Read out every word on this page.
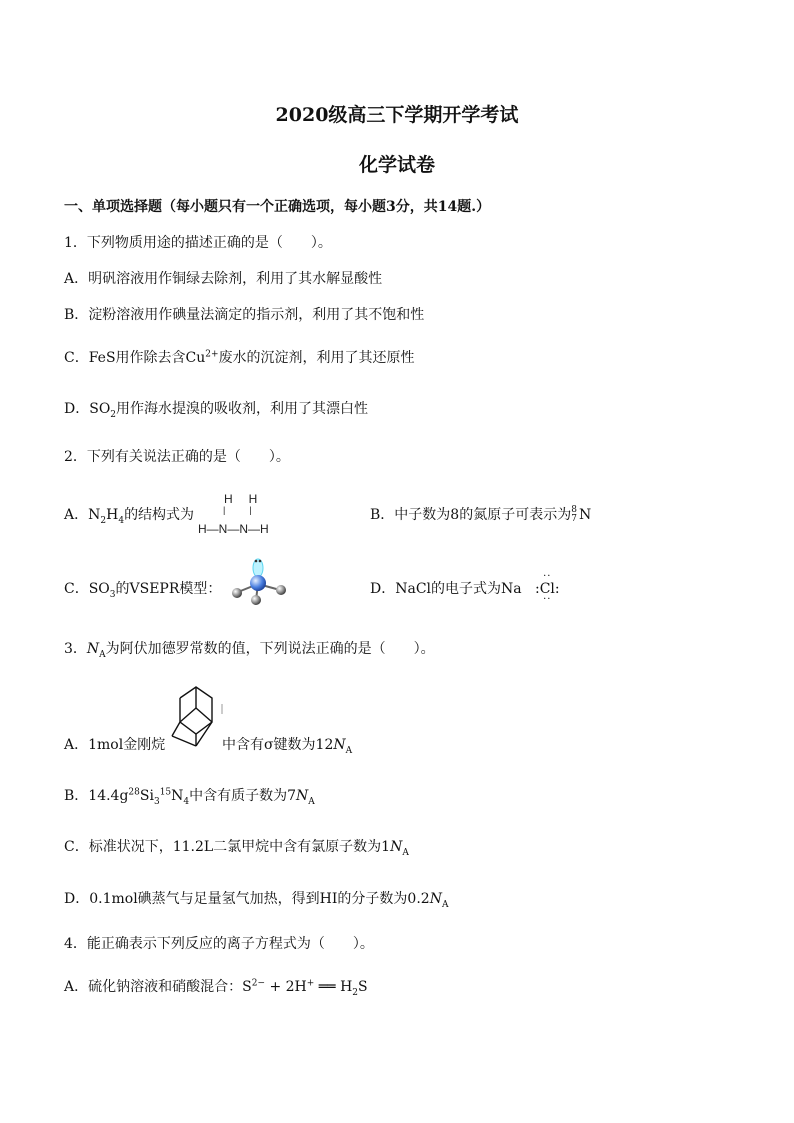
2020级高三下学期开学考试
化学试卷
一、单项选择题（每小题只有一个正确选项，每小题3分，共14题.）
1．下列物质用途的描述正确的是（　　）。
A．明矾溶液用作铜绿去除剂，利用了其水解显酸性
B．淀粉溶液用作碘量法滴定的指示剂，利用了其不饱和性
C．FeS用作除去含$Cu^{2+}$废水的沉淀剂，利用了其还原性
D．$SO_2$用作海水提溴的吸收剂，利用了其漂白性
2．下列有关说法正确的是（　　）。
A．$N_2H_4$的结构式为
H　H
||
H—N—N—H
B．中子数为8的氮原子可表示为8
7 N
C．$SO_3$的VSEPR模型：	D．NaCl的电子式为Na
··
:Cl:
··
3．$N_A$为阿伏加德罗常数的值，下列说法正确的是（　　）。
A．1mol金刚烷	中含有σ键数为$12N_A$
B．$14.4g^{28}Si_3^{15}N_4$中含有质子数为$7N_A$
C．标准状况下，11.2L二氯甲烷中含有氯原子数为$1N_A$
D．0.1mol碘蒸气与足量氢气加热，得到HI的分子数为$0.2N_A$
4．能正确表示下列反应的离子方程式为（　　）。
A．硫化钠溶液和硝酸混合：$S^{2-} + 2H^+$ ══ $H_2S$
